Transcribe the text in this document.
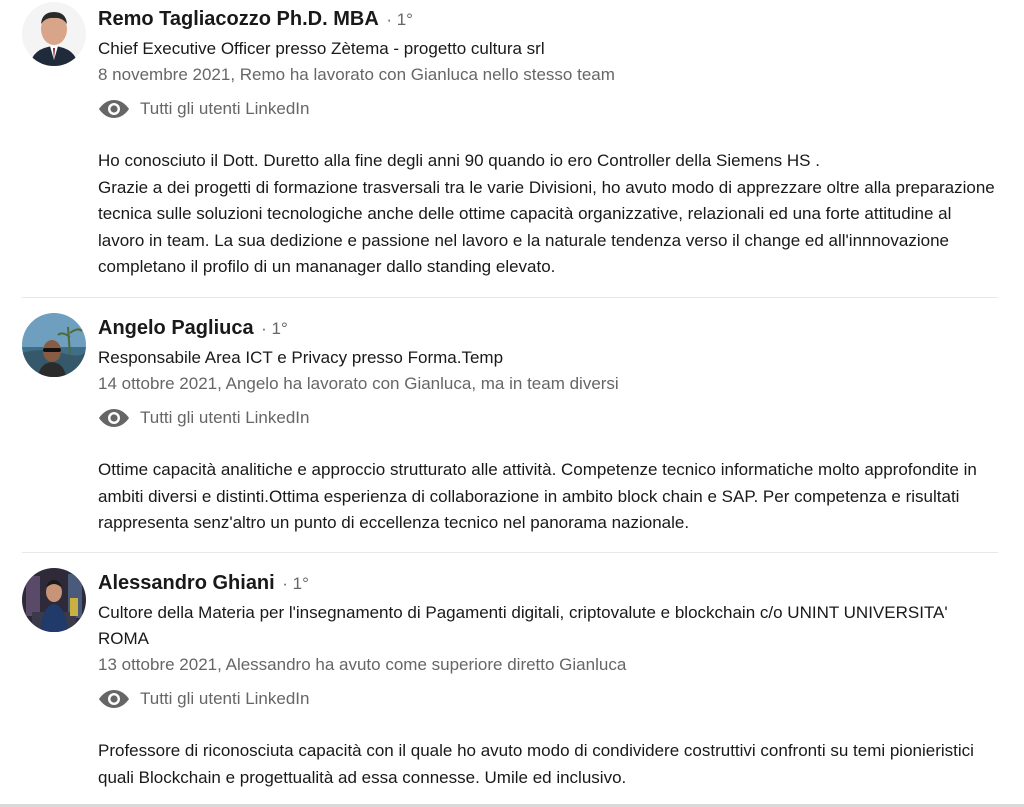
Remo Tagliacozzo Ph.D. MBA · 1°
Chief Executive Officer presso Zètema - progetto cultura srl
8 novembre 2021, Remo ha lavorato con Gianluca nello stesso team
Tutti gli utenti LinkedIn
Ho conosciuto il Dott. Duretto alla fine degli anni 90 quando io ero Controller della Siemens HS .
Grazie a dei progetti di formazione trasversali tra le varie Divisioni, ho avuto modo di apprezzare oltre alla preparazione tecnica sulle soluzioni tecnologiche anche delle ottime capacità organizzative, relazionali ed una forte attitudine al lavoro in team. La sua dedizione e passione nel lavoro e la naturale tendenza verso il change ed all'innnovazione completano il profilo di un mananager dallo standing elevato.
Angelo Pagliuca · 1°
Responsabile Area ICT e Privacy presso Forma.Temp
14 ottobre 2021, Angelo ha lavorato con Gianluca, ma in team diversi
Tutti gli utenti LinkedIn
Ottime capacità analitiche e approccio strutturato alle attività. Competenze tecnico informatiche molto approfondite in ambiti diversi e distinti.Ottima esperienza di collaborazione in ambito block chain e SAP. Per competenza e risultati rappresenta senz'altro un punto di eccellenza tecnico nel panorama nazionale.
Alessandro Ghiani · 1°
Cultore della Materia per l'insegnamento di Pagamenti digitali, criptovalute e blockchain c/o UNINT UNIVERSITA' ROMA
13 ottobre 2021, Alessandro ha avuto come superiore diretto Gianluca
Tutti gli utenti LinkedIn
Professore di riconosciuta capacità con il quale ho avuto modo di condividere costruttivi confronti su temi pionieristici quali Blockchain e progettualità ad essa connesse. Umile ed inclusivo.
